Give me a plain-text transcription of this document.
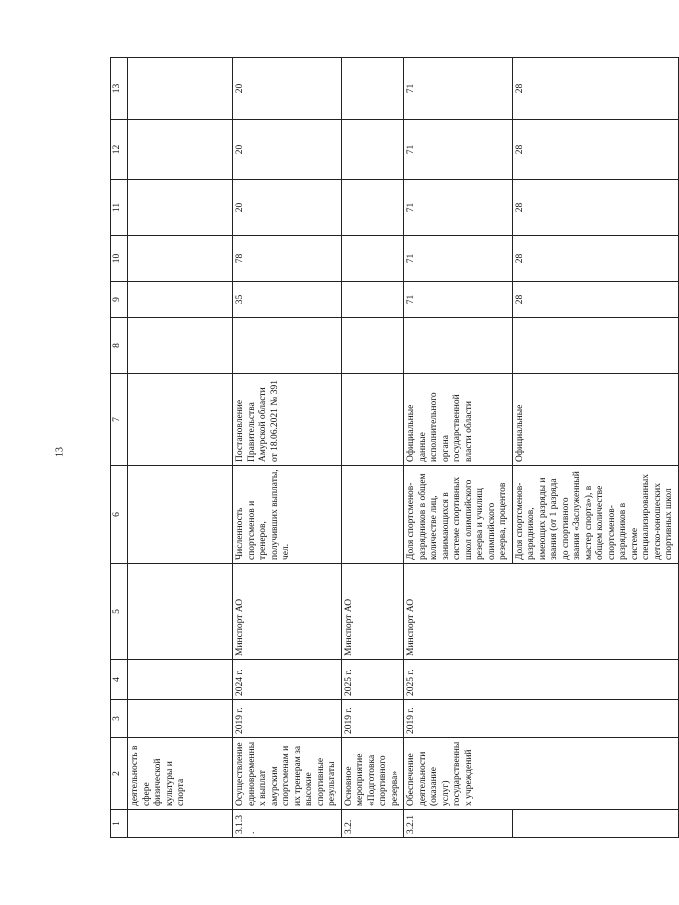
13
1	2	3	4	5	6	7	8	9	10	11	12	13
	деятельность в сфере физической культуры и спорта											
3.1.3.	Осуществление единовременных выплат амурским спортсменам и их тренерам за высокие спортивные результаты	2019 г.	2024 г.	Минспорт АО	Численность спортсменов и тренеров, получивших выплаты, чел.	Постановление Правительства Амурской области от 18.06.2021 № 391		35	78	20	20	20
3.2.	Основное мероприятие «Подготовка спортивного резерва»	2019 г.	2025 г.	Минспорт АО								
3.2.1	Обеспечение деятельности (оказание услуг) государственных учреждений	2019 г.	2025 г.	Минспорт АО	Доля спортсменов-разрядников в общем количестве лиц, занимающихся в системе спортивных школ олимпийского резерва и училищ олимпийского резерва, процентов	Официальные данные исполнительного органа государственной власти области		71	71	71	71	71
					Доля спортсменов-разрядников, имеющих разряды и звания (от 1 разряда до спортивного звания «Заслуженный мастер спорта»), в общем количестве спортсменов-разрядников в системе специализированных детско-юношеских спортивных школ	Официальные		28	28	28	28	28
